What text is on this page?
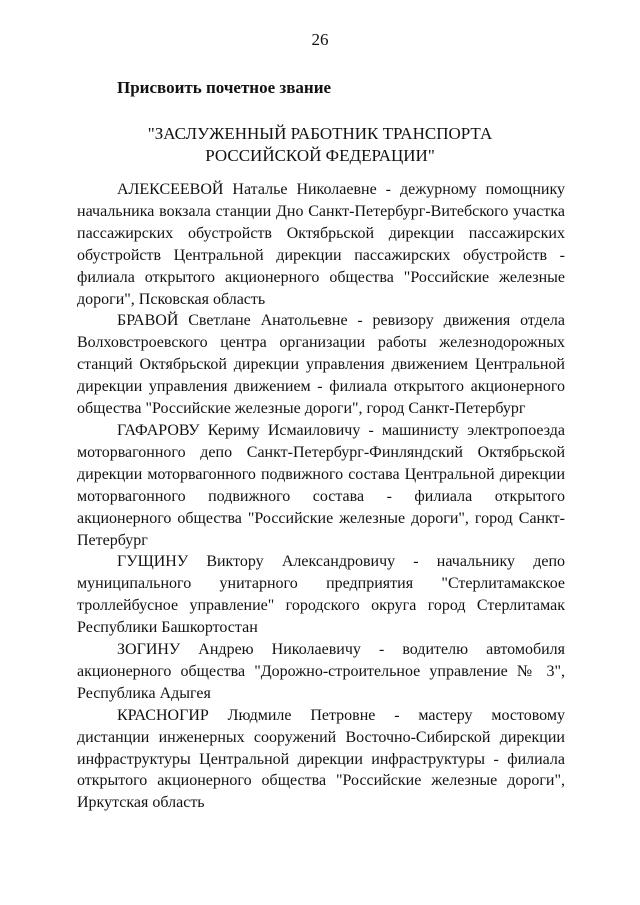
26
Присвоить почетное звание
"ЗАСЛУЖЕННЫЙ РАБОТНИК ТРАНСПОРТА
РОССИЙСКОЙ ФЕДЕРАЦИИ"

АЛЕКСЕЕВОЙ Наталье Николаевне - дежурному помощнику начальника вокзала станции Дно Санкт-Петербург-Витебского участка пассажирских обустройств Октябрьской дирекции пассажирских обустройств Центральной дирекции пассажирских обустройств - филиала открытого акционерного общества "Российские железные дороги", Псковская область

БРАВОЙ Светлане Анатольевне - ревизору движения отдела Волховстроевского центра организации работы железнодорожных станций Октябрьской дирекции управления движением Центральной дирекции управления движением - филиала открытого акционерного общества "Российские железные дороги", город Санкт-Петербург

ГАФАРОВУ Кериму Исмаиловичу - машинисту электропоезда моторвагонного депо Санкт-Петербург-Финляндский Октябрьской дирекции моторвагонного подвижного состава Центральной дирекции моторвагонного подвижного состава - филиала открытого акционерного общества "Российские железные дороги", город Санкт-Петербург

ГУЩИНУ Виктору Александровичу - начальнику депо муниципального унитарного предприятия "Стерлитамакское троллейбусное управление" городского округа город Стерлитамак Республики Башкортостан

ЗОГИНУ Андрею Николаевичу - водителю автомобиля акционерного общества "Дорожно-строительное управление № 3", Республика Адыгея

КРАСНОГИР Людмиле Петровне - мастеру мостовому дистанции инженерных сооружений Восточно-Сибирской дирекции инфраструктуры Центральной дирекции инфраструктуры - филиала открытого акционерного общества "Российские железные дороги", Иркутская область
